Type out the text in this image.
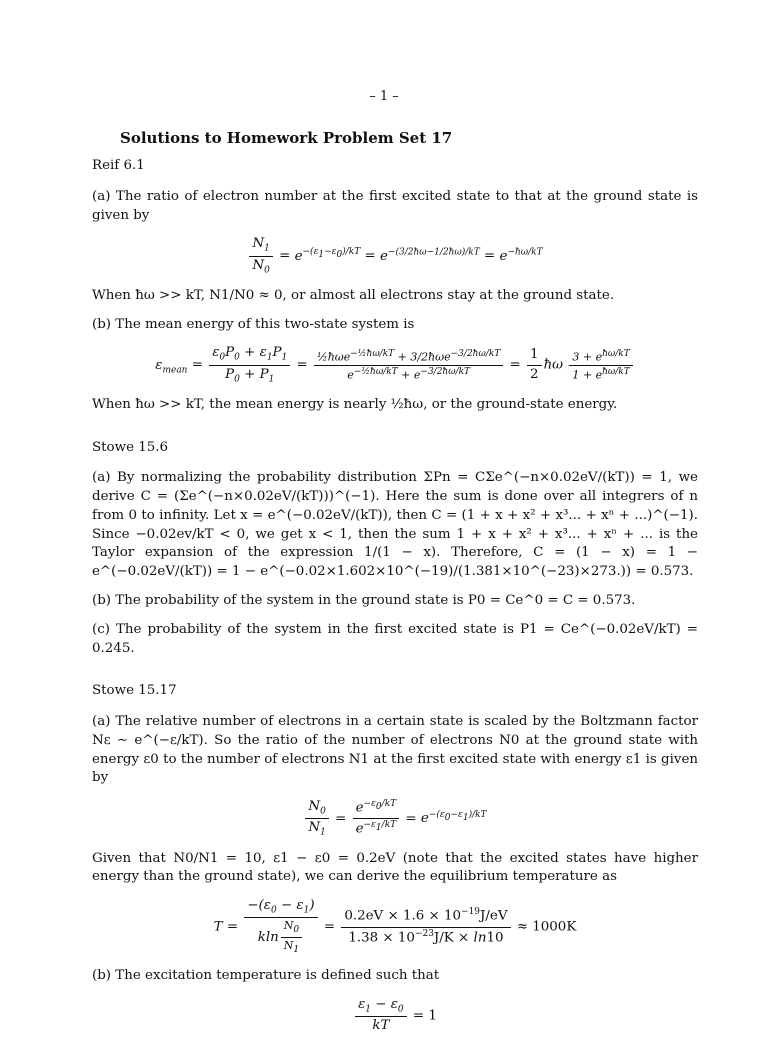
– 1 –
Solutions to Homework Problem Set 17
Reif 6.1

(a) The ratio of electron number at the first excited state to that at the ground state is given by

$\frac{N_1}{N_0} = e^{-(\varepsilon_1-\varepsilon_0)/kT} = e^{-(3/2ħ\omega-1/2ħ\omega)/kT} = e^{-ħ\omega/kT}$

When ħω >> kT, N1/N0 ≈ 0, or almost all electrons stay at the ground state.

(b) The mean energy of this two-state system is

$\varepsilon_{mean} = \frac{\varepsilon_0P_0 + \varepsilon_1P_1}{P_0 + P_1} = \frac{\frac{1}{2}ħ\omega e^{-\frac{1}{2}ħ\omega/kT} + 3/2ħ\omega e^{-3/2ħ\omega/kT}}{e^{-\frac{1}{2}ħ\omega/kT} + e^{-3/2ħ\omega/kT}} = \frac{1}{2}$ ħω $\frac{3 + e^{ħ\omega/kT}}{1 + e^{ħ\omega/kT}}$

When ħω >> kT, the mean energy is nearly ½ħω, or the ground-state energy.

Stowe 15.6

(a) By normalizing the probability distribution ΣPn = CΣe^(−n×0.02eV/(kT)) = 1, we derive C = (Σe^(−n×0.02eV/(kT)))^(−1). Here the sum is done over all integrers of n from 0 to infinity. Let x = e^(−0.02eV/(kT)), then C = (1 + x + x² + x³... + xⁿ + ...)^(−1). Since −0.02ev/kT < 0, we get x < 1, then the sum 1 + x + x² + x³... + xⁿ + ... is the Taylor expansion of the expression 1/(1 − x). Therefore, C = (1 − x) = 1 − e^(−0.02eV/(kT)) = 1 − e^(−0.02×1.602×10^(−19)/(1.381×10^(−23)×273.)) = 0.573.

(b) The probability of the system in the ground state is P0 = Ce^0 = C = 0.573.

(c) The probability of the system in the first excited state is P1 = Ce^(−0.02eV/kT) = 0.245.

Stowe 15.17

(a) The relative number of electrons in a certain state is scaled by the Boltzmann factor Nε ∼ e^(−ε/kT). So the ratio of the number of electrons N0 at the ground state with energy ε0 to the number of electrons N1 at the first excited state with energy ε1 is given by

$\frac{N_0}{N_1} = \frac{e^{-\varepsilon_0/kT}}{e^{-\varepsilon_1/kT}} = e^{-(\varepsilon_0-\varepsilon_1)/kT}$

Given that N0/N1 = 10, ε1 − ε0 = 0.2eV (note that the excited states have higher energy than the ground state), we can derive the equilibrium temperature as

$T = \frac{-(\varepsilon_0 - \varepsilon_1)}{kln \frac{N_0}{N_1}} = \frac{0.2eV \times 1.6 \times 10^{-19}J/eV}{1.38 \times 10^{-23}J/K \times \ln 10} \approx 1000K$

(b) The excitation temperature is defined such that

$\frac{\varepsilon_1 - \varepsilon_0}{kT} = 1$
